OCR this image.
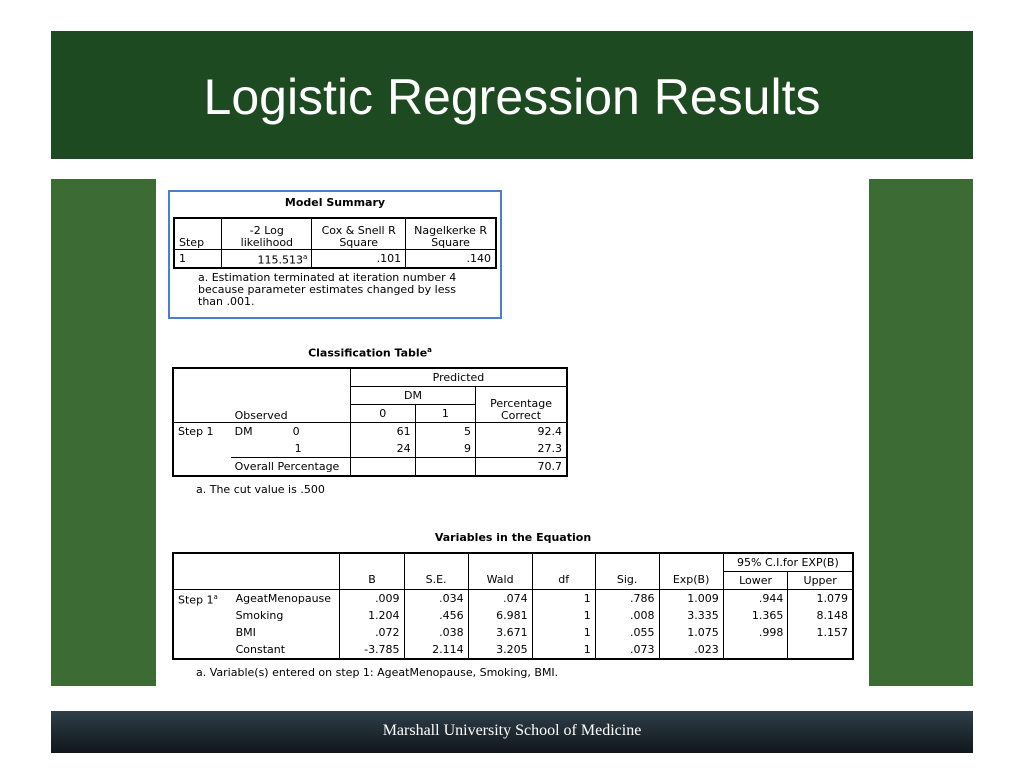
Logistic Regression Results
Model Summary
Step	-2 Log likelihood	Cox & Snell R Square	Nagelkerke R Square
1	115.513$^a$	.101	.140
a. Estimation terminated at iteration number 4 because parameter estimates changed by less than .001.
Classification Table$^a$
		Predicted		
		DM		Percentage Correct
	Observed	0	1	
Step 1	DM 0	61	5	92.4
	1	24	9	27.3
	Overall Percentage			70.7
a. The cut value is .500
Variables in the Equation
								95% C.I.for EXP(B)	
		B	S.E.	Wald	df	Sig.	Exp(B)	Lower	Upper
Step 1$^a$	AgeatMenopause	.009	.034	.074	1	.786	1.009	.944	1.079
	Smoking	1.204	.456	6.981	1	.008	3.335	1.365	8.148
	BMI	.072	.038	3.671	1	.055	1.075	.998	1.157
	Constant	-3.785	2.114	3.205	1	.073	.023		
a. Variable(s) entered on step 1: AgeatMenopause, Smoking, BMI.
Marshall University School of Medicine
